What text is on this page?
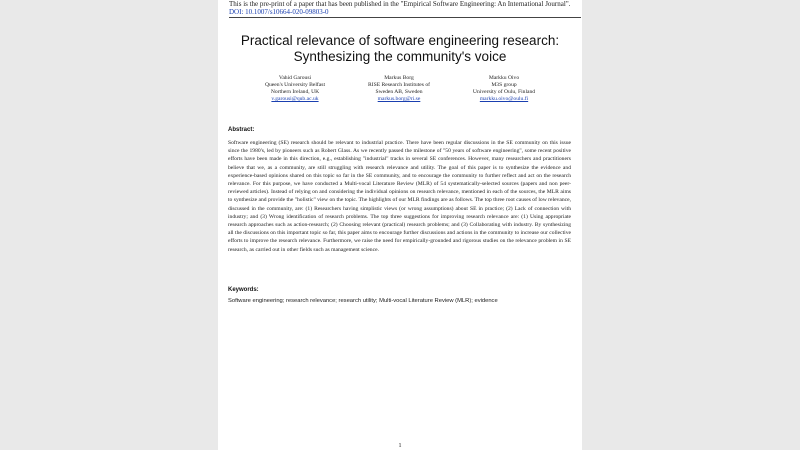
This is the pre-print of a paper that has been published in the "Empirical Software Engineering: An International Journal".
DOI: 10.1007/s10664-020-09803-0
Practical relevance of software engineering research:
Synthesizing the community's voice
Vahid Garousi
Queen's University Belfast
Northern Ireland, UK
v.garousi@qub.ac.uk
Markus Borg
RISE Research Institutes of
Sweden AB, Sweden
markus.borg@ri.se
Markku Oivo
M3S group
University of Oulu, Finland
markku.oivo@oulu.fi
Abstract:
Software engineering (SE) research should be relevant to industrial practice. There have been regular discussions in the SE community on this issue since the 1980's, led by pioneers such as Robert Glass. As we recently passed the milestone of "50 years of software engineering", some recent positive efforts have been made in this direction, e.g., establishing "industrial" tracks in several SE conferences. However, many researchers and practitioners believe that we, as a community, are still struggling with research relevance and utility. The goal of this paper is to synthesize the evidence and experience-based opinions shared on this topic so far in the SE community, and to encourage the community to further reflect and act on the research relevance. For this purpose, we have conducted a Multi-vocal Literature Review (MLR) of 54 systematically-selected sources (papers and non peer-reviewed articles). Instead of relying on and considering the individual opinions on research relevance, mentioned in each of the sources, the MLR aims to synthesize and provide the "holistic" view on the topic. The highlights of our MLR findings are as follows. The top three root causes of low relevance, discussed in the community, are: (1) Researchers having simplistic views (or wrong assumptions) about SE in practice; (2) Lack of connection with industry; and (3) Wrong identification of research problems. The top three suggestions for improving research relevance are: (1) Using appropriate research approaches such as action-research; (2) Choosing relevant (practical) research problems; and (3) Collaborating with industry. By synthesizing all the discussions on this important topic so far, this paper aims to encourage further discussions and actions in the community to increase our collective efforts to improve the research relevance. Furthermore, we raise the need for empirically-grounded and rigorous studies on the relevance problem in SE research, as carried out in other fields such as management science.
Keywords:
Software engineering; research relevance; research utility; Multi-vocal Literature Review (MLR); evidence
1
